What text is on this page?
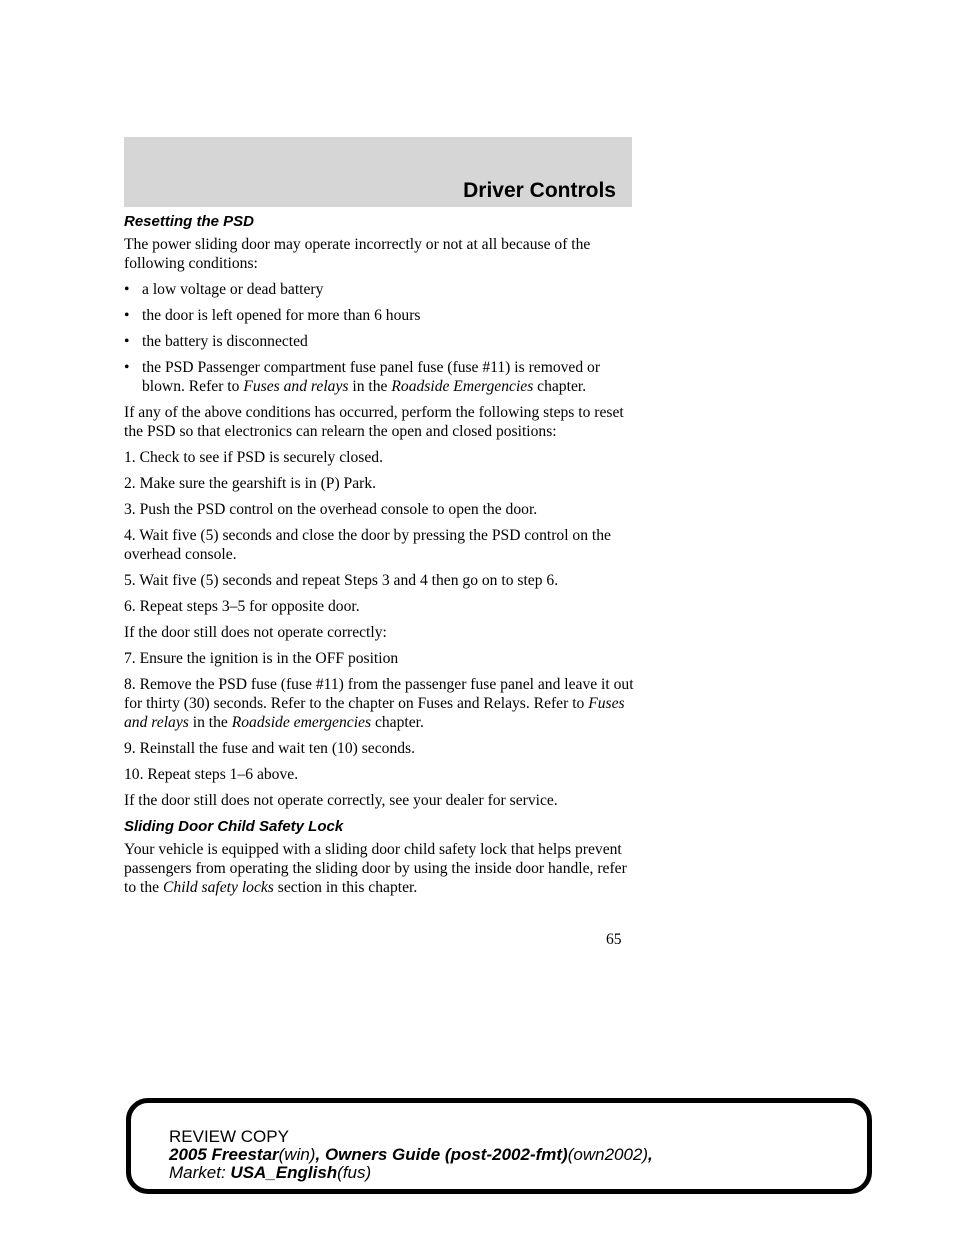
Driver Controls
Resetting the PSD

The power sliding door may operate incorrectly or not at all because of the following conditions:

• a low voltage or dead battery
• the door is left opened for more than 6 hours
• the battery is disconnected
• the PSD Passenger compartment fuse panel fuse (fuse #11) is removed or blown. Refer to Fuses and relays in the Roadside Emergencies chapter.

If any of the above conditions has occurred, perform the following steps to reset the PSD so that electronics can relearn the open and closed positions:

1. Check to see if PSD is securely closed.

2. Make sure the gearshift is in (P) Park.

3. Push the PSD control on the overhead console to open the door.

4. Wait five (5) seconds and close the door by pressing the PSD control on the overhead console.

5. Wait five (5) seconds and repeat Steps 3 and 4 then go on to step 6.

6. Repeat steps 3–5 for opposite door.

If the door still does not operate correctly:

7. Ensure the ignition is in the OFF position

8. Remove the PSD fuse (fuse #11) from the passenger fuse panel and leave it out for thirty (30) seconds. Refer to the chapter on Fuses and Relays. Refer to Fuses and relays in the Roadside emergencies chapter.

9. Reinstall the fuse and wait ten (10) seconds.

10. Repeat steps 1–6 above.

If the door still does not operate correctly, see your dealer for service.

Sliding Door Child Safety Lock

Your vehicle is equipped with a sliding door child safety lock that helps prevent passengers from operating the sliding door by using the inside door handle, refer to the Child safety locks section in this chapter.

65
REVIEW COPY
2005 Freestar(win), Owners Guide (post-2002-fmt)(own2002),
Market: USA_English(fus)
